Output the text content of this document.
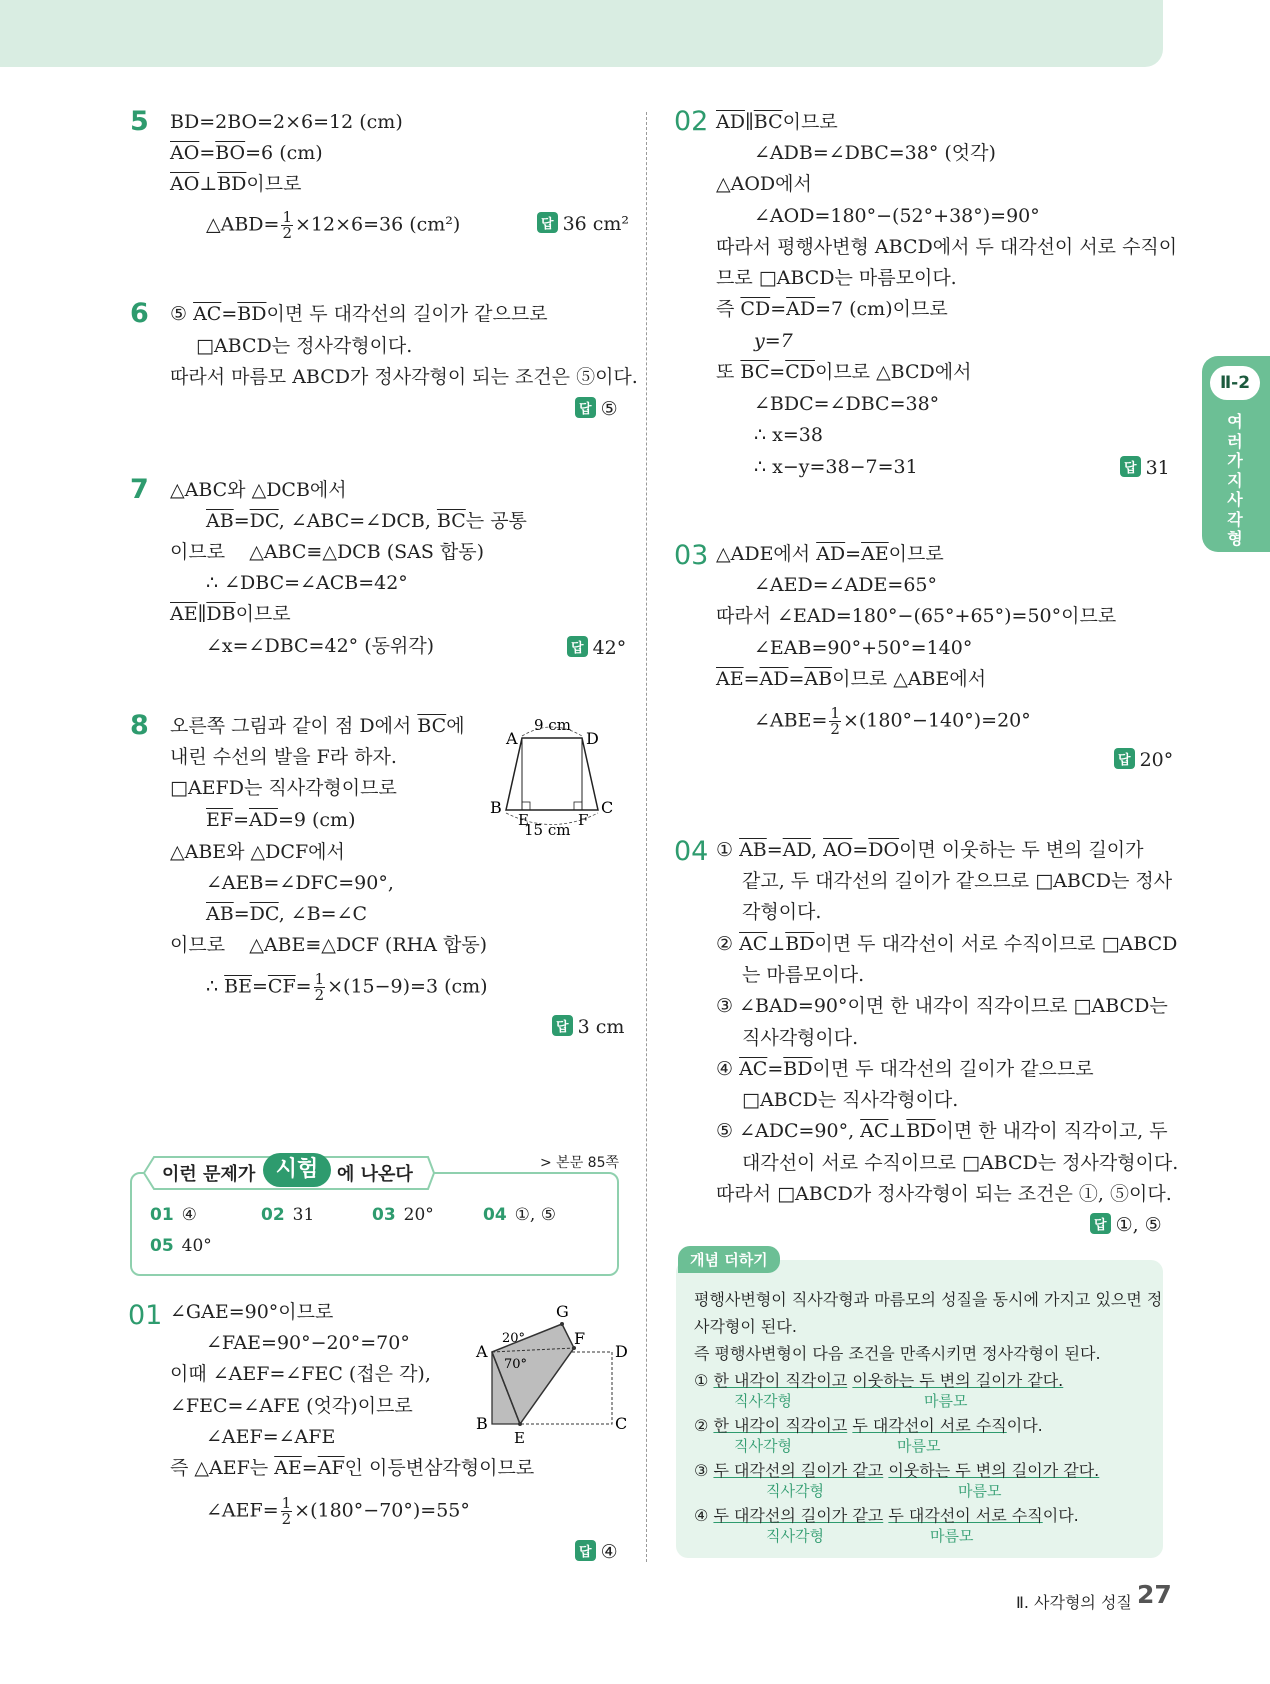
Ⅱ-2
여러가지사각형
5 BD=2BO=2×6=12 (cm)
$\overline{AO}=\overline{BO}=6$ (cm)
$\overline{AO}\perp\overline{BD}$이므로
△ABD= $\frac{1}{2} \times 12\times 6=36$ (cm²)	답 36 cm²
6 ⑤ $\overline{AC}=\overline{BD}$이면 두 대각선의 길이가 같으므로
□ABCD는 정사각형이다.
따라서 마름모 ABCD가 정사각형이 되는 조건은 ⑤이다.
답 ⑤
7 △ABC와 △DCB에서
$\overline{AB}=\overline{DC}$, ∠ABC=∠DCB, $\overline{BC}$는 공통
이므로    △ABC≡△DCB (SAS 합동)
∴ ∠DBC=∠ACB=42°
$\overline{AE}\parallel\overline{DB}$이므로
∠x=∠DBC=42° (동위각)	답 42°
8 오른쪽 그림과 같이 점 D에서 $\overline{BC}$에
내린 수선의 발을 F라 하자.
□AEFD는 직사각형이므로
$\overline{EF}=\overline{AD}=9$ (cm)
△ABE와 △DCF에서
∠AEB=∠DFC=90°,
$\overline{AB}=\overline{DC}$, ∠B=∠C
이므로    △ABE≡△DCF (RHA 합동)
∴ $\overline{BE}=\overline{CF}= \frac{1}{2} \times(15-9)=3$ (cm)
답 3 cm
9 cm
15 cm
A	D
B	C
E	F
이런 문제가 시험	에 나온다
> 본문 85쪽
01 ④	02 31	03 20°	04 ①, ⑤
05 40°
01 ∠GAE=90°이므로
∠FAE=90°−20°=70°
이때 ∠AEF=∠FEC (접은 각),
∠FEC=∠AFE (엇각)이므로
∠AEF=∠AFE
즉 △AEF는 $\overline{AE}=\overline{AF}$인 이등변삼각형이므로
∠AEF= $\frac{1}{2} \times(180^\circ-70^\circ)=55^\circ$
답 ④
20°
70°
A
B	C
D
E
F
G
02 $\overline{AD}\parallel\overline{BC}$이므로
∠ADB=∠DBC=38° (엇각)
△AOD에서
∠AOD=180°−(52°+38°)=90°
따라서 평행사변형 ABCD에서 두 대각선이 서로 수직이
므로 □ABCD는 마름모이다.
즉 $\overline{CD}=\overline{AD}=7$ (cm)이므로
y=7
또 $\overline{BC}=\overline{CD}$이므로 △BCD에서
∠BDC=∠DBC=38°
∴ x=38
∴ x−y=38−7=31	답 31
03 △ADE에서 $\overline{AD}=\overline{AE}$이므로
∠AED=∠ADE=65°
따라서 ∠EAD=180°−(65°+65°)=50°이므로
∠EAB=90°+50°=140°
$\overline{AE}=\overline{AD}=\overline{AB}$이므로 △ABE에서
∠ABE= $\frac{1}{2} \times(180^\circ-140^\circ)=20^\circ$
답 20°
04 ① $\overline{AB}=\overline{AD}$, $\overline{AO}=\overline{DO}$이면 이웃하는 두 변의 길이가
같고, 두 대각선의 길이가 같으므로 □ABCD는 정사
각형이다.
② $\overline{AC}\perp\overline{BD}$이면 두 대각선이 서로 수직이므로 □ABCD
는 마름모이다.
③ ∠BAD=90°이면 한 내각이 직각이므로 □ABCD는
직사각형이다.
④ $\overline{AC}=\overline{BD}$이면 두 대각선의 길이가 같으므로
□ABCD는 직사각형이다.
⑤ ∠ADC=90°, $\overline{AC}\perp\overline{BD}$이면 한 내각이 직각이고, 두
대각선이 서로 수직이므로 □ABCD는 정사각형이다.
따라서 □ABCD가 정사각형이 되는 조건은 ①, ⑤이다.
답 ①, ⑤
개념 더하기
평행사변형이 직사각형과 마름모의 성질을 동시에 가지고 있으면 정
사각형이 된다.
즉 평행사변형이 다음 조건을 만족시키면 정사각형이 된다.
① 한 내각이 직각이고 이웃하는 두 변의 길이가 같다.
직사각형	마름모
② 한 내각이 직각이고 두 대각선이 서로 수직이다.
직사각형	마름모
③ 두 대각선의 길이가 같고 이웃하는 두 변의 길이가 같다.
직사각형	마름모
④ 두 대각선의 길이가 같고 두 대각선이 서로 수직이다.
직사각형	마름모
Ⅱ. 사각형의 성질 27
